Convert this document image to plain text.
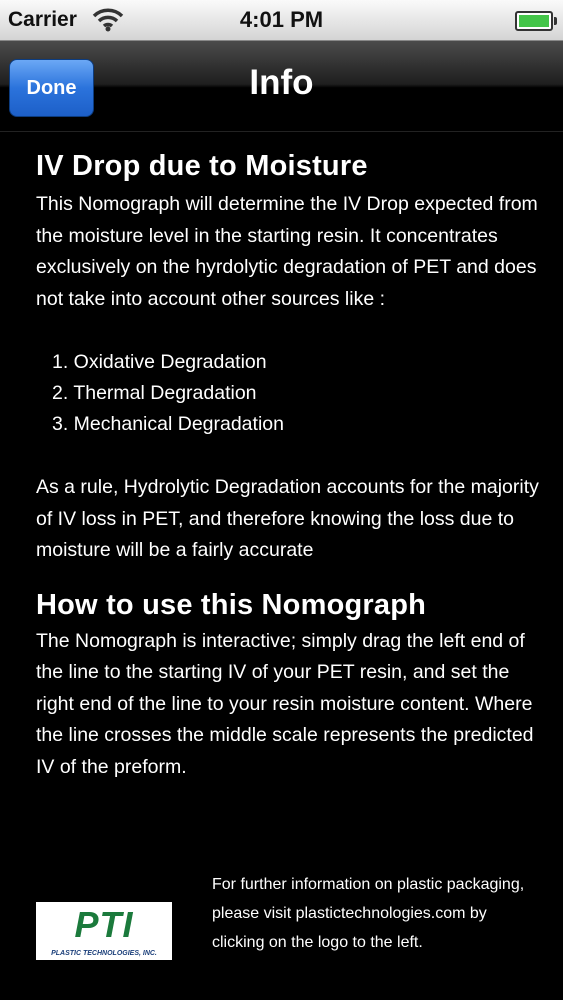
Carrier	4:01 PM
Done	Info
IV Drop due to Moisture

This Nomograph will determine the IV Drop expected from the moisture level in the starting resin. It concentrates exclusively on the hyrdolytic degradation of PET and does not take into account other sources like :

1. Oxidative Degradation
2. Thermal Degradation
3. Mechanical Degradation

As a rule, Hydrolytic Degradation accounts for the majority of IV loss in PET, and therefore knowing the loss due to moisture will be a fairly accurate

How to use this Nomograph

The Nomograph is interactive; simply drag the left end of the line to the starting IV of your PET resin, and set the right end of the line to your resin moisture content. Where the line crosses the middle scale represents the predicted IV of the preform.

PTI
PLASTIC TECHNOLOGIES, INC.
For further information on plastic packaging, please visit plastictechnologies.com by clicking on the logo to the left.
